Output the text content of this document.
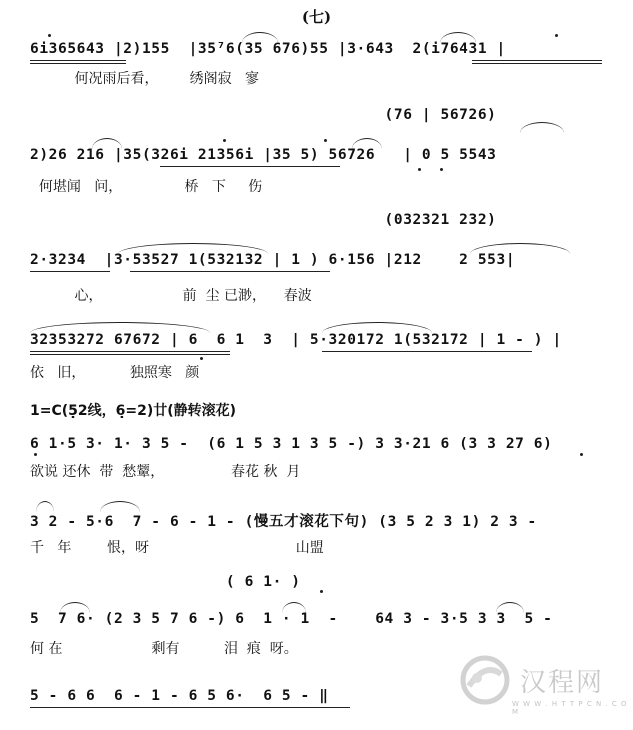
(七)
6i365643 |2)155  |35⁷6(35 676)55 |3·643  2(i76431 |
何况雨后看，       绣阁寂   寥
(76 | 56726)
2)26 216 |35(326i 21356i |35 5) 56726   | 0 5 5543
何堪闻   问，              桥   下     伤
(032321 232)
2·3234  |3·53527 1(532132 | 1 ) 6·156 |212    2 553|
心，                  前  尘 已渺，    春波
32353272 67672 | 6  6 1  3  | 5·320172 1(532172 | 1 - ) |
依   旧，          独照寒   颜
1=C(5̣2线，6̣=2)廿(静转滚花)
6 1·5 3· 1· 3 5 -  (6 1 5 3 1 3 5 -) 3 3·21 6 (3 3 27 6)
欲说 还休  带  愁颦，               春花 秋  月
3 2 - 5·6  7 - 6 - 1 - (慢五才滚花下句) (3 5 2 3 1) 2 3 -
千   年        恨，呀                                 山盟
( 6 1· )
5  7 6· (2 3 5 7 6 -) 6  1 · 1  -    64 3 - 3·5 3 3  5 -
何 在                    剩有          泪  痕  呀。
5 - 6 6  6 - 1 - 6 5 6·  6 5 - ‖	汉程网
W W W . H T T P C N . C O M
